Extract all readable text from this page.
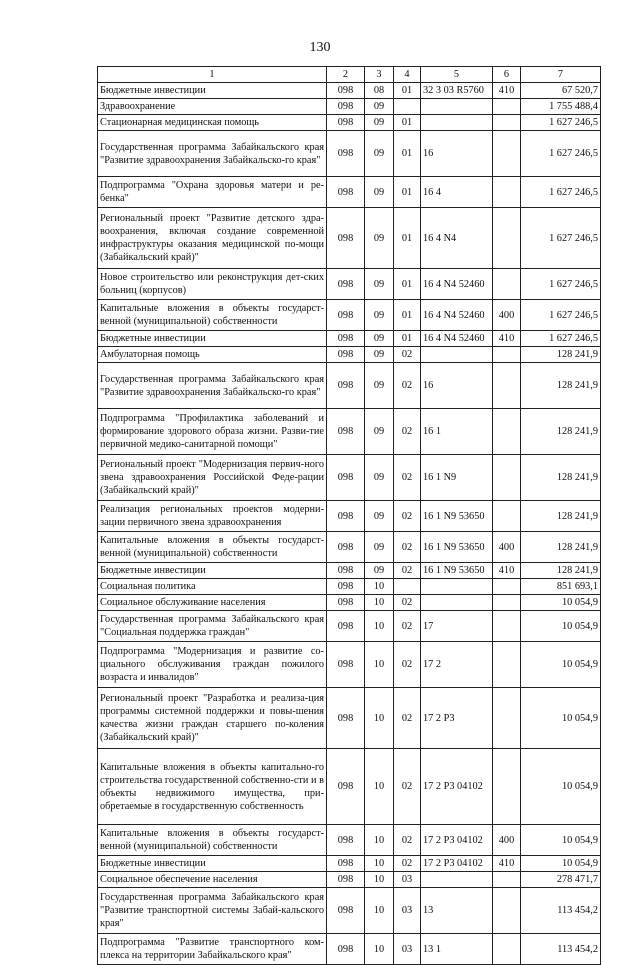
130
1	2	3	4	5	6	7
Бюджетные инвестиции	098	08	01	32 3 03 R5760	410	67 520,7
Здравоохранение	098	09				1 755 488,4
Стационарная медицинская помощь	098	09	01			1 627 246,5
Государственная программа Забайкальского края "Развитие здравоохранения Забайкальско-го края"	098	09	01	16		1 627 246,5
Подпрограмма "Охрана здоровья матери и ре-бенка"	098	09	01	16 4		1 627 246,5
Региональный проект "Развитие детского здра-воохранения, включая создание современной инфраструктуры оказания медицинской по-мощи (Забайкальский край)"	098	09	01	16 4 N4		1 627 246,5
Новое строительство или реконструкция дет-ских больниц (корпусов)	098	09	01	16 4 N4 52460		1 627 246,5
Капитальные вложения в объекты государст-венной (муниципальной) собственности	098	09	01	16 4 N4 52460	400	1 627 246,5
Бюджетные инвестиции	098	09	01	16 4 N4 52460	410	1 627 246,5
Амбулаторная помощь	098	09	02			128 241,9
Государственная программа Забайкальского края "Развитие здравоохранения Забайкальско-го края"	098	09	02	16		128 241,9
Подпрограмма "Профилактика заболеваний и формирование здорового образа жизни. Разви-тие первичной медико-санитарной помощи"	098	09	02	16 1		128 241,9
Региональный проект "Модернизация первич-ного звена здравоохранения Российской Феде-рации (Забайкальский край)"	098	09	02	16 1 N9		128 241,9
Реализация региональных проектов модерни-зации первичного звена здравоохранения	098	09	02	16 1 N9 53650		128 241,9
Капитальные вложения в объекты государст-венной (муниципальной) собственности	098	09	02	16 1 N9 53650	400	128 241,9
Бюджетные инвестиции	098	09	02	16 1 N9 53650	410	128 241,9
Социальная политика	098	10				851 693,1
Социальное обслуживание населения	098	10	02			10 054,9
Государственная программа Забайкальского края "Социальная поддержка граждан"	098	10	02	17		10 054,9
Подпрограмма "Модернизация и развитие со-циального обслуживания граждан пожилого возраста и инвалидов"	098	10	02	17 2		10 054,9
Региональный проект "Разработка и реализа-ция программы системной поддержки и повы-шения качества жизни граждан старшего по-коления (Забайкальский край)"	098	10	02	17 2 P3		10 054,9
Капитальные вложения в объекты капитально-го строительства государственной собственно-сти и в объекты недвижимого имущества, при-обретаемые в государственную собственность	098	10	02	17 2 P3 04102		10 054,9
Капитальные вложения в объекты государст-венной (муниципальной) собственности	098	10	02	17 2 P3 04102	400	10 054,9
Бюджетные инвестиции	098	10	02	17 2 P3 04102	410	10 054,9
Социальное обеспечение населения	098	10	03			278 471,7
Государственная программа Забайкальского края "Развитие транспортной системы Забай-кальского края"	098	10	03	13		113 454,2
Подпрограмма "Развитие транспортного ком-плекса на территории Забайкальского края"	098	10	03	13 1		113 454,2
